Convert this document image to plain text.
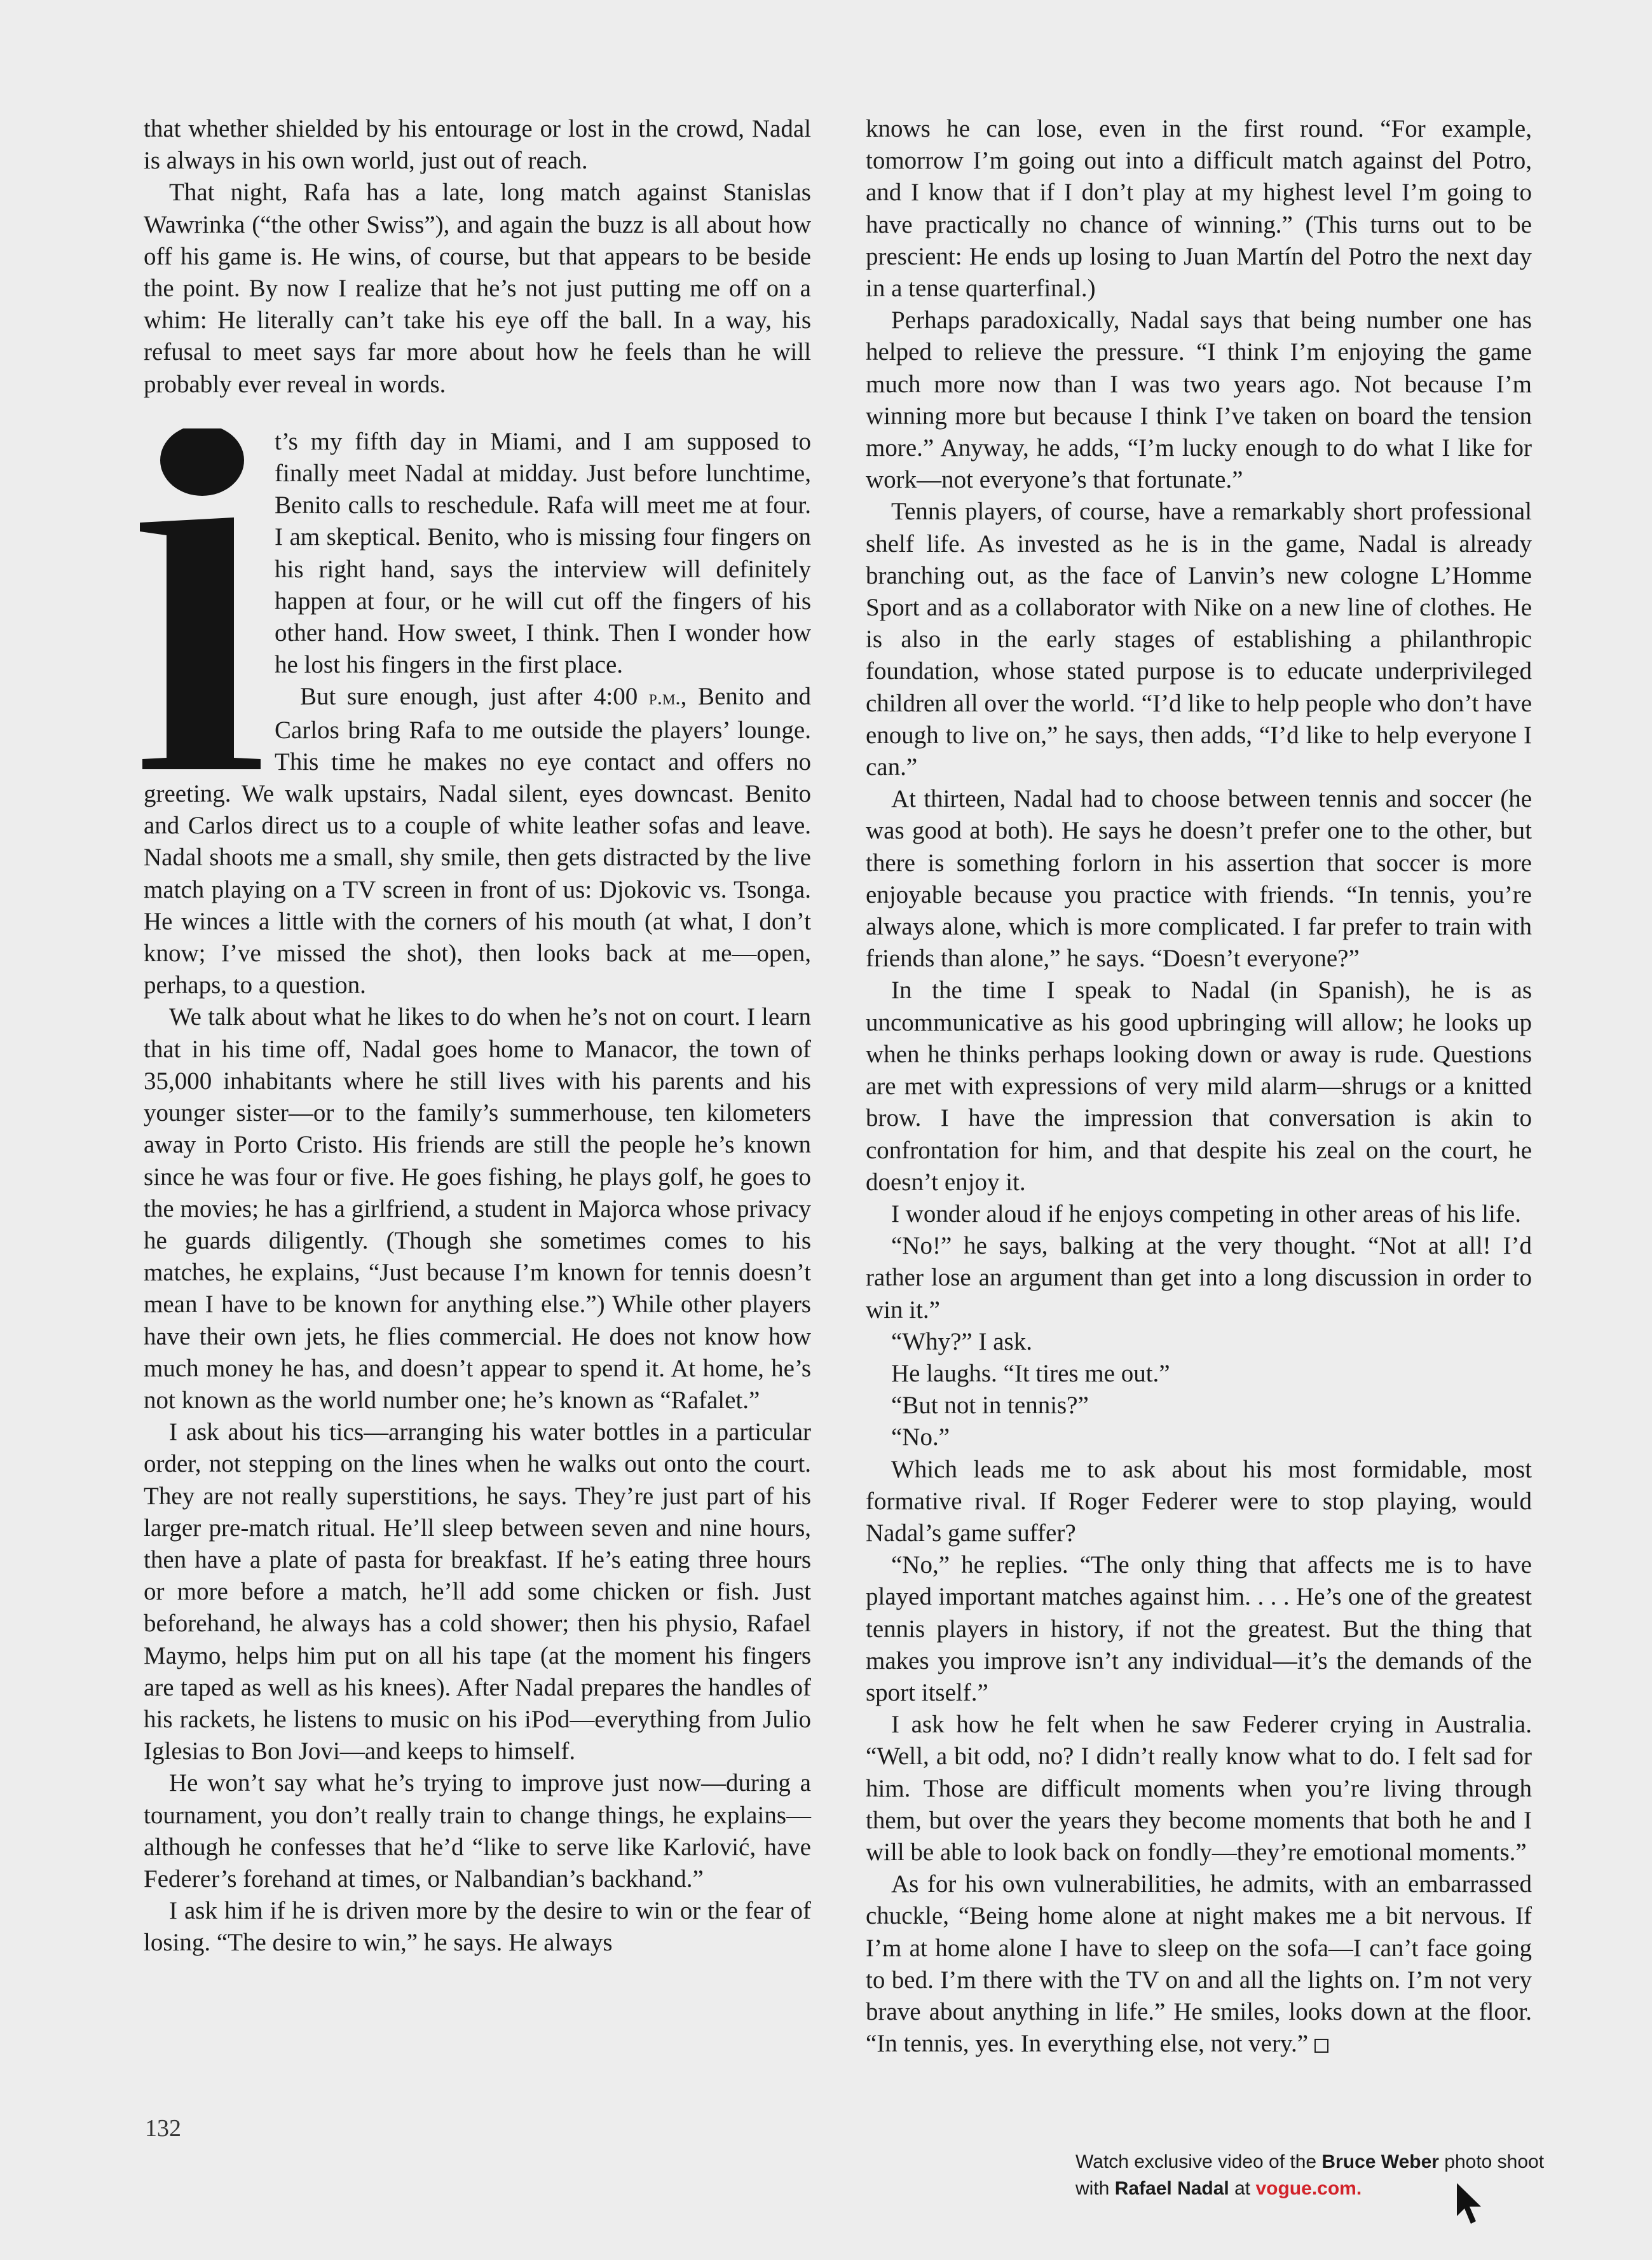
that whether shielded by his entourage or lost in the crowd, Nadal is always in his own world, just out of reach.

That night, Rafa has a late, long match against Stanislas Wawrinka (“the other Swiss”), and again the buzz is all about how off his game is. He wins, of course, but that appears to be beside the point. By now I realize that he’s not just putting me off on a whim: He literally can’t take his eye off the ball. In a way, his refusal to meet says far more about how he feels than he will probably ever reveal in words.

t’s my fifth day in Miami, and I am supposed to finally meet Nadal at midday. Just before lunchtime, Benito calls to reschedule. Rafa will meet me at four. I am skeptical. Benito, who is missing four fingers on his right hand, says the interview will definitely happen at four, or he will cut off the fingers of his other hand. How sweet, I think. Then I wonder how he lost his fingers in the first place.

But sure enough, just after 4:00 p.m., Benito and Carlos bring Rafa to me outside the players’ lounge. This time he makes no eye contact and offers no greeting. We walk upstairs, Nadal silent, eyes downcast. Benito and Carlos direct us to a couple of white leather sofas and leave. Nadal shoots me a small, shy smile, then gets distracted by the live match playing on a TV screen in front of us: Djokovic vs. Tsonga. He winces a little with the corners of his mouth (at what, I don’t know; I’ve missed the shot), then looks back at me—open, perhaps, to a question.

We talk about what he likes to do when he’s not on court. I learn that in his time off, Nadal goes home to Manacor, the town of 35,000 inhabitants where he still lives with his parents and his younger sister—or to the family’s summerhouse, ten kilometers away in Porto Cristo. His friends are still the people he’s known since he was four or five. He goes fishing, he plays golf, he goes to the movies; he has a girlfriend, a student in Majorca whose privacy he guards diligently. (Though she sometimes comes to his matches, he explains, “Just because I’m known for tennis doesn’t mean I have to be known for anything else.”) While other players have their own jets, he flies commercial. He does not know how much money he has, and doesn’t appear to spend it. At home, he’s not known as the world number one; he’s known as “Rafalet.”

I ask about his tics—arranging his water bottles in a particular order, not stepping on the lines when he walks out onto the court. They are not really superstitions, he says. They’re just part of his larger pre-match ritual. He’ll sleep between seven and nine hours, then have a plate of pasta for breakfast. If he’s eating three hours or more before a match, he’ll add some chicken or fish. Just beforehand, he always has a cold shower; then his physio, Rafael Maymo, helps him put on all his tape (at the moment his fingers are taped as well as his knees). After Nadal prepares the handles of his rackets, he listens to music on his iPod—everything from Julio Iglesias to Bon Jovi—and keeps to himself.

He won’t say what he’s trying to improve just now—during a tournament, you don’t really train to change things, he explains—although he confesses that he’d “like to serve like Karlović, have Federer’s forehand at times, or Nalbandian’s backhand.”

I ask him if he is driven more by the desire to win or the fear of losing. “The desire to win,” he says. He always

knows he can lose, even in the first round. “For example, tomorrow I’m going out into a difficult match against del Potro, and I know that if I don’t play at my highest level I’m going to have practically no chance of winning.” (This turns out to be prescient: He ends up losing to Juan Martín del Potro the next day in a tense quarterfinal.)

Perhaps paradoxically, Nadal says that being number one has helped to relieve the pressure. “I think I’m enjoying the game much more now than I was two years ago. Not because I’m winning more but because I think I’ve taken on board the tension more.” Anyway, he adds, “I’m lucky enough to do what I like for work—not everyone’s that fortunate.”

Tennis players, of course, have a remarkably short professional shelf life. As invested as he is in the game, Nadal is already branching out, as the face of Lanvin’s new cologne L’Homme Sport and as a collaborator with Nike on a new line of clothes. He is also in the early stages of establishing a philanthropic foundation, whose stated purpose is to educate underprivileged children all over the world. “I’d like to help people who don’t have enough to live on,” he says, then adds, “I’d like to help everyone I can.”

At thirteen, Nadal had to choose between tennis and soccer (he was good at both). He says he doesn’t prefer one to the other, but there is something forlorn in his assertion that soccer is more enjoyable because you practice with friends. “In tennis, you’re always alone, which is more complicated. I far prefer to train with friends than alone,” he says. “Doesn’t everyone?”

In the time I speak to Nadal (in Spanish), he is as uncommunicative as his good upbringing will allow; he looks up when he thinks perhaps looking down or away is rude. Questions are met with expressions of very mild alarm—shrugs or a knitted brow. I have the impression that conversation is akin to confrontation for him, and that despite his zeal on the court, he doesn’t enjoy it.

I wonder aloud if he enjoys competing in other areas of his life.

“No!” he says, balking at the very thought. “Not at all! I’d rather lose an argument than get into a long discussion in order to win it.”

“Why?” I ask.

He laughs. “It tires me out.”

“But not in tennis?”

“No.”

Which leads me to ask about his most formidable, most formative rival. If Roger Federer were to stop playing, would Nadal’s game suffer?

“No,” he replies. “The only thing that affects me is to have played important matches against him. . . . He’s one of the greatest tennis players in history, if not the greatest. But the thing that makes you improve isn’t any individual—it’s the demands of the sport itself.”

I ask how he felt when he saw Federer crying in Australia. “Well, a bit odd, no? I didn’t really know what to do. I felt sad for him. Those are difficult moments when you’re living through them, but over the years they become moments that both he and I will be able to look back on fondly—they’re emotional moments.”

As for his own vulnerabilities, he admits, with an embarrassed chuckle, “Being home alone at night makes me a bit nervous. If I’m at home alone I have to sleep on the sofa—I can’t face going to bed. I’m there with the TV on and all the lights on. I’m not very brave about anything in life.” He smiles, looks down at the floor. “In tennis, yes. In everything else, not very.”

132
Watch exclusive video of the Bruce Weber photo shoot with Rafael Nadal at vogue.com.
